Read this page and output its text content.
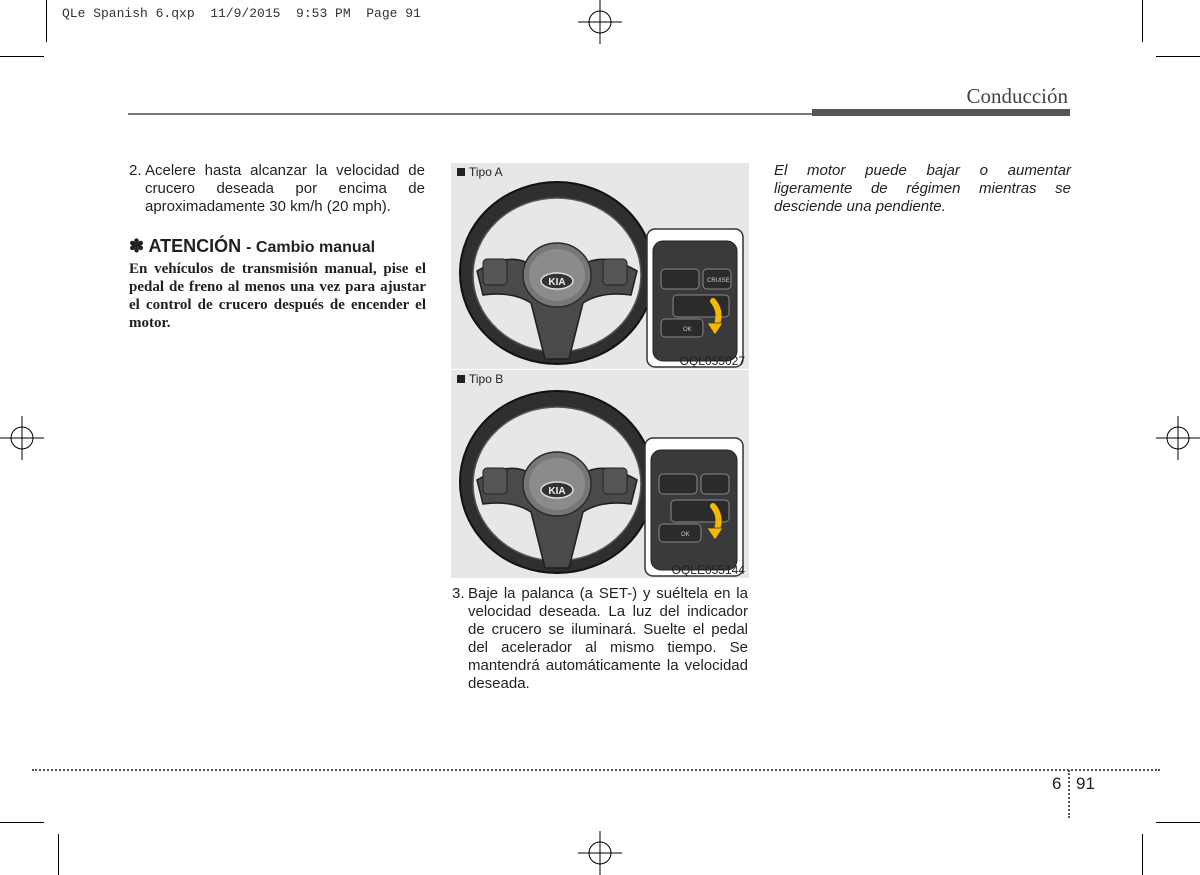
QLe Spanish 6.qxp  11/9/2015  9:53 PM  Page 91
Conducción
2. Acelere hasta alcanzar la velocidad de crucero deseada por encima de aproximadamente 30 km/h (20 mph).
✽ ATENCIÓN - Cambio manual
En vehículos de transmisión manual, pise el pedal de freno al menos una vez para ajustar el control de crucero después de encender el motor.
KIA
OK
CRUISE
Tipo A
OQL055027
KIA
OK
Tipo B
OQLE055144
3. Baje la palanca (a SET-) y suéltela en la velocidad deseada. La luz del indicador de crucero se iluminará. Suelte el pedal del acelerador al mismo tiempo. Se mantendrá automáticamente la velocidad deseada.
El motor puede bajar o aumentar ligeramente de régimen mientras se desciende una pendiente.
6 91
